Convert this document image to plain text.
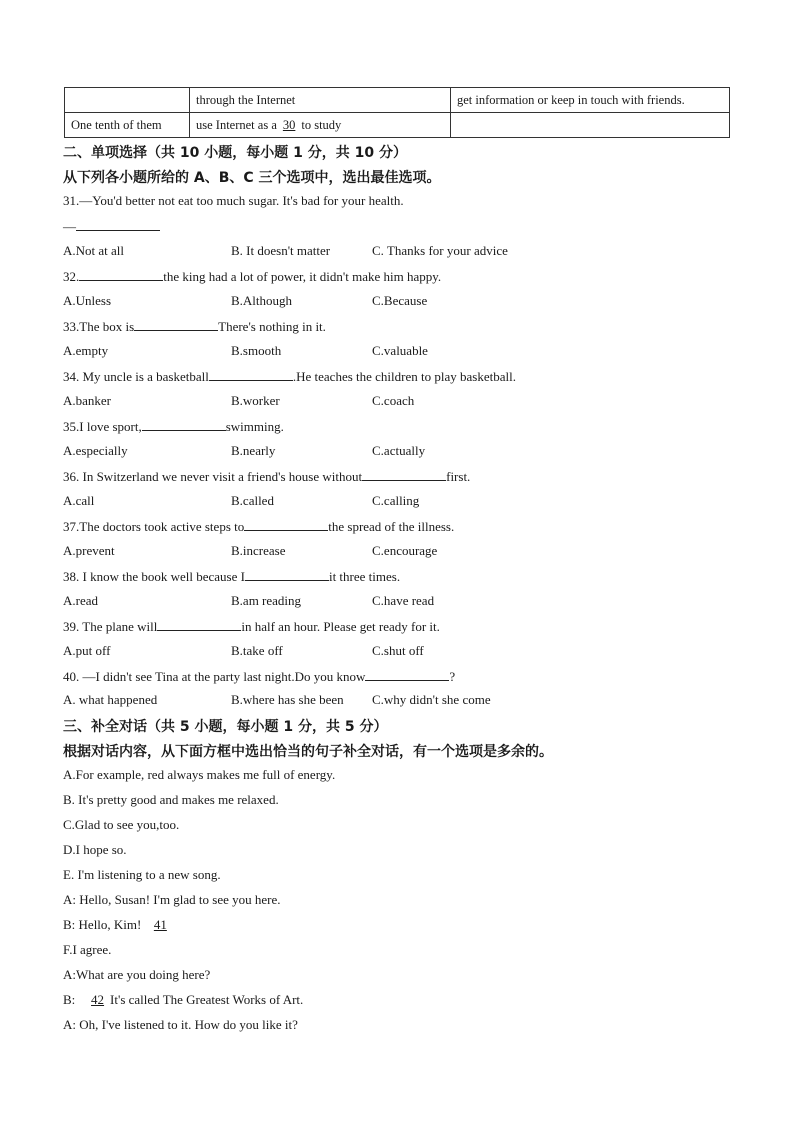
	through the Internet	get information or keep in touch with friends.
One tenth of them	use Internet as a 30 to study	
二、单项选择（共 10 小题，每小题 1 分，共 10 分）
从下列各小题所给的 A、B、C 三个选项中，选出最佳选项。
31.—You'd better not eat too much sugar. It's bad for your health.
—
A.Not at all	B. It doesn't matter	C. Thanks for your advice
32.	the king had a lot of power, it didn't make him happy.
A.Unless	B.Although	C.Because
33.The box is	There's nothing in it.
A.empty	B.smooth	C.valuable
34. My uncle is a basketball	.He teaches the children to play basketball.
A.banker	B.worker	C.coach
35.I love sport,	swimming.
A.especially	B.nearly	C.actually
36. In Switzerland we never visit a friend's house without	first.
A.call	B.called	C.calling
37.The doctors took active steps to	the spread of the illness.
A.prevent	B.increase	C.encourage
38. I know the book well because I	it three times.
A.read	B.am reading	C.have read
39. The plane will	in half an hour. Please get ready for it.
A.put off	B.take off	C.shut off
40. —I didn't see Tina at the party last night.Do you know	?
A. what happened	B.where has she been C.why didn't she come
三、补全对话（共 5 小题，每小题 1 分，共 5 分）
根据对话内容，从下面方框中选出恰当的句子补全对话，有一个选项是多余的。
A.For example, red always makes me full of energy.
B. It's pretty good and makes me relaxed.
C.Glad to see you,too.
D.I hope so.
E. I'm listening to a new song.
A: Hello, Susan! I'm glad to see you here.
B: Hello, Kim! 41
F.I agree.
A:What are you doing here?
B: 42 It's called The Greatest Works of Art.
A: Oh, I've listened to it. How do you like it?
